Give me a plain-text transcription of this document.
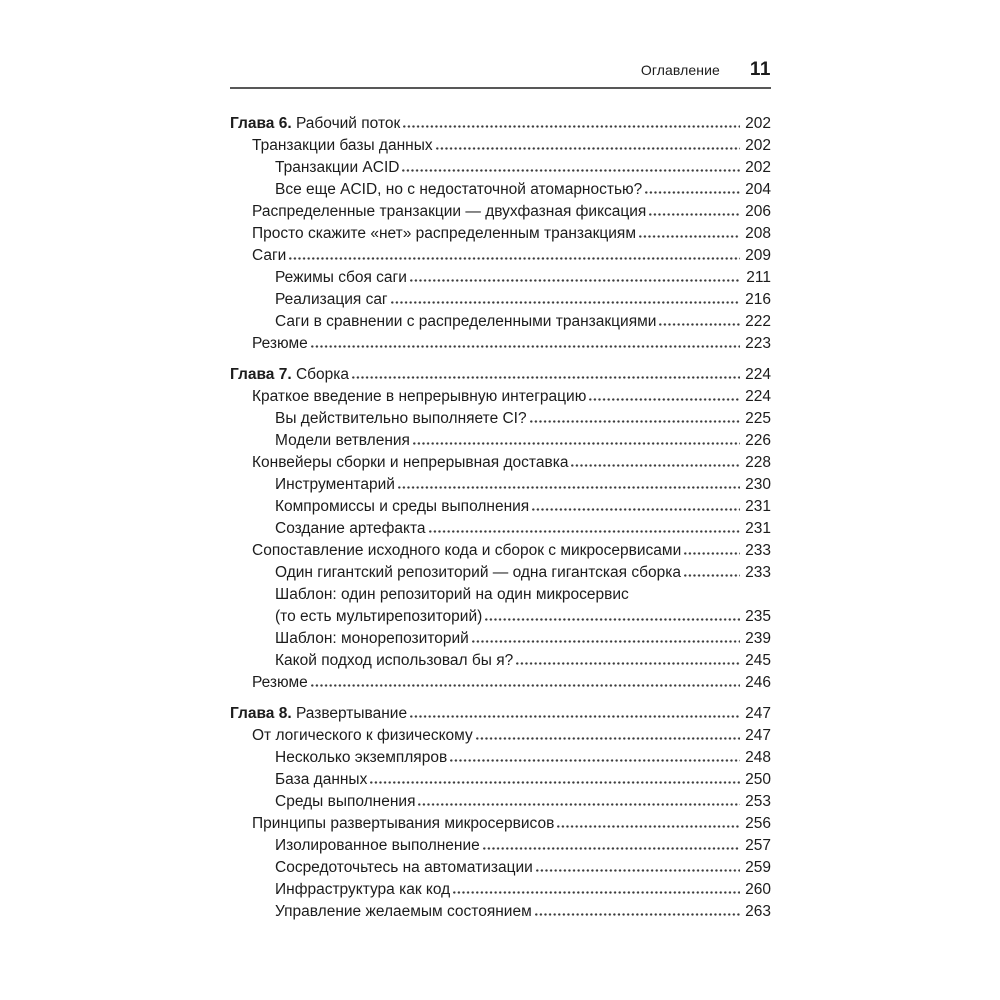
Оглавление 11
Глава 6. Рабочий поток	202
Транзакции базы данных	202
Транзакции ACID	202
Все еще ACID, но с недостаточной атомарностью?	204
Распределенные транзакции — двухфазная фиксация	206
Просто скажите «нет» распределенным транзакциям	208
Саги	209
Режимы сбоя саги	211
Реализация саг	216
Саги в сравнении с распределенными транзакциями	222
Резюме	223
Глава 7. Сборка	224
Краткое введение в непрерывную интеграцию	224
Вы действительно выполняете CI?	225
Модели ветвления	226
Конвейеры сборки и непрерывная доставка	228
Инструментарий	230
Компромиссы и среды выполнения	231
Создание артефакта	231
Сопоставление исходного кода и сборок с микросервисами	233
Один гигантский репозиторий — одна гигантская сборка	233
Шаблон: один репозиторий на один микросервис
(то есть мультирепозиторий)	235
Шаблон: монорепозиторий	239
Какой подход использовал бы я?	245
Резюме	246
Глава 8. Развертывание	247
От логического к физическому	247
Несколько экземпляров	248
База данных	250
Среды выполнения	253
Принципы развертывания микросервисов	256
Изолированное выполнение	257
Сосредоточьтесь на автоматизации	259
Инфраструктура как код	260
Управление желаемым состоянием	263
